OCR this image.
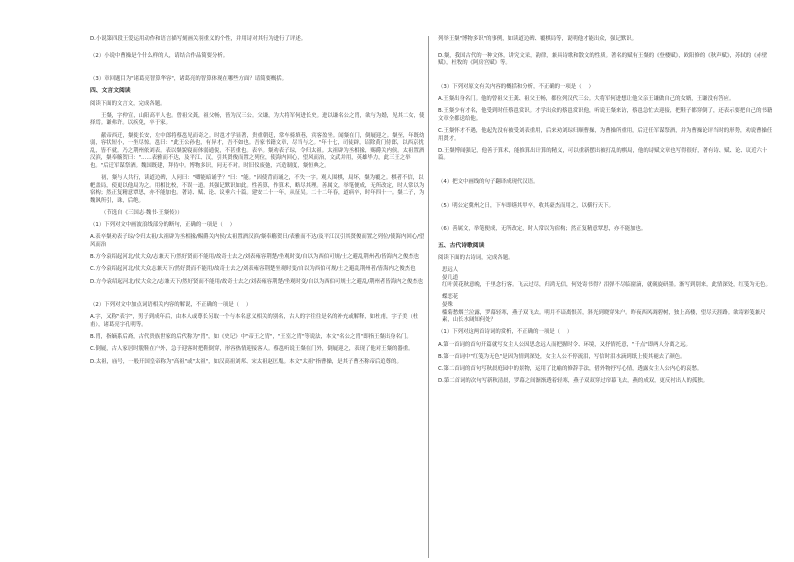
D.小说第四段王爱运用动作和语言描写刻画关羽重义的个性，并用诗对其行为进行了评述。
（2）小说中曹操是个什么样的人，请结合作品简要分析。
（3）章回题目为"诸葛亮智算华容"，诸葛亮的智算体现在哪些方面？请简要概括。
四、文言文阅读
阅读下面的文言文，完成各题。
王粲，字仲宣，山阳高平人也。曾祖父龚，祖父畅，皆为汉三公。父谦，为大将军何进长史。进以谦名公之胄，欲与为婚，见其二女，使择焉。谦弗许。以疾免，卒于家。
献帝西迁，粲徙长安，左中郎将蔡邕见而奇之。时邕才学显著，贵重朝廷，常车骑填巷，宾客盈坐。闻粲在门，倒屣迎之。粲至，年既幼弱，容状短小，一坐尽惊。邕曰："此王公孙也，有异才，吾不如也。吾家书籍文章，尽当与之。"年十七，司徒辟，诏除黄门侍郎，以西京扰乱，皆不就。乃之荆州依刘表。表以粲貌寝而体弱通侻，不甚重也。表卒。粲劝表子琮，令归太祖。太祖辟为丞相掾，赐爵关内侯。太祖置酒汉滨，粲奉觞贺曰："……表雅而不达，及平江、汉，引其贤俊而置之列位，使海内回心，望风而治，文武并用，英雄毕力，此三王之举也。"后迁军谋祭酒。魏国既建，拜侍中。博物多识，问无不对。时旧仪废弛，兴造制度，粲恒典之。
初，粲与人共行，读道边碑，人问曰："卿能暗诵乎？"曰："能。"因使背而诵之，不失一字。观人围棋，局坏，粲为覆之。棋者不信，以帊盖局，使更以他局为之。用相比校，不误一道。其强记默识如此。性善算，作算术，略尽其理。善属文，举笔便成，无所改定，时人常以为宿构；然正复精意覃思，亦不能加也。著诗、赋、论、议垂六十篇。建安二十一年，从征吴。二十二年春，道病卒，时年四十一。粲二子，为魏讽所引，诛，后绝。
（节选自《三国志·魏书·王粲传》）
（1）下列对文中画波浪线部分的断句，正确的一项是（    ）
A.表卒粲劝表子琮/令归太祖/太祖辟为丞相掾/赐爵关内侯/太祖置酒汉滨/粲奉觞贺曰/表雅而不达/及平江汉引其贤俊而置之列位/使海内回心/望风而治
B.方今袁绍起河北/仗大众/志兼天下/然好贤而不能用/故奇士去之/刘表雍容荆楚/坐观时变/自以为西伯可规/士之避乱荆州者/皆海内之俊杰也
C.方今袁绍起河北/仗大众志兼天下/然好贤而不能用/故奇士去之/刘表雍容荆楚坐观时变/自以为西伯可规/士之避乱荆州者/皆海内之俊杰也
D.方今袁绍起河北/仗大众之/志兼天下/然好贤而不能用/故奇士去之/刘表雍容荆楚/坐观时变/自以为西伯可规士之避乱/荆州者皆海内之俊杰也
（2）下列对文中加点词语相关内容的解说，不正确的一项是（    ）
A.字，又称"表字"，男子到成年后，由本人或尊长另取一个与本名意义相关的别名，古人的字往往是名的补充或解释，如杜甫，字子美（杜甫），诸葛亮字孔明等。
B.胄，指嫡系后裔，古代贵族世家的后代称为"胄"，如《史记》中"帝王之胄"，"王室之胄"等说法，本文"名公之胄"即指王粲出身名门。
C.倒屣，古人家居时脱鞋在户外，急于迎客时把鞋倒穿，形容热情迎接客人。蔡邕听说王粲在门外，倒屣迎之，表现了他对王粲的器重。
D.太祖，庙号，一般开国皇帝称为"高祖"或"太祖"，如汉高祖刘邦、宋太祖赵匡胤。本文"太祖"指曹操，是其子曹丕称帝后追尊的。
列举王粲"博物多识"的事例，如读道边碑、覆棋局等，说明他才能出众，强记默识。
D.粲，我国古代的一种文体，讲究文采，韵律，兼具诗歌和散文的性质。著名的赋有王粲的《登楼赋》，欧阳修的《秋声赋》，苏轼的《赤壁赋》，杜牧的《阿房宫赋》等。
（3）下列对原文有关内容的概括和分析，不正确的一项是（    ）
A.王粲出身名门。他的曾祖父王龚、祖父王畅，都位列汉代三公。大将军何进想让他父亲王谦做自己的女婿，王谦没有答应。
B.王粲少有才名，他受到时任蔡邕赏识。才学出众的蔡邕赏识他，听说王粲来访，蔡邕急忙去迎接，把鞋子都穿倒了，还表示要把自己的书籍文章全都送给他。
C.王粲怀才不遇，他起先没有被受刘表重用，后来劝刘琮归顺曹操，为曹操所重用，后迁任军谋祭酒，并为曹操论评当时的形势，劝说曹操任用贤才。
D.王粲博闻强记，他善于算术，能推算出计算的精义，可以重新摆出被打乱的棋局，他的诗赋文章也写得很好，著有诗、赋、论、议近六十篇。
（4）把文中画线的句子翻译成现代汉语。
（5）明公定冀州之日，下车即缮其甲卒，收其豪杰而用之，以横行天下。
（6）善属文，举笔便成，无所改定，时人常以为宿构；然正复精意覃思，亦不能加也。
五、古代诗歌阅读
阅读下面的古诗词，完成各题。
思远人
晏几道
红叶黄花秋意晚，千里念行客。飞云过尽，归鸿无信，何处寄书得？泪弹不尽临窗滴，就砚旋研墨。渐写到别来，此情深处，红笺为无色。
蝶恋花
晏殊
槛菊愁烟兰泣露，罗幕轻寒，燕子双飞去。明月不谙离恨苦，斜光到晓穿朱户。昨夜西风凋碧树，独上高楼，望尽天涯路。欲寄彩笺兼尺素，山长水阔知何处？
（1）下列对这两首诗词的赏析，不正确的一项是（    ）
A.第一首词的首句开篇就写女主人公因思念远人而把握时令、环境，又抒情托意，"千点"即两人分离之远。
B.第一首词中"红笺为无色"是因为情到深处，女主人公不停流泪，写信时泪水滴到纸上使其褪去了颜色。
C.第二首词的首句写秋晨庭园中的景物，运用了比喻的修辞手法，借外物抒写心情，透露女主人公内心的哀愁。
D.第二首词的次句写新秋清晨，罗幕之间渐渐透着轻寒，燕子双双穿过帘幕飞去，燕的成双，更反衬出人的孤独。
